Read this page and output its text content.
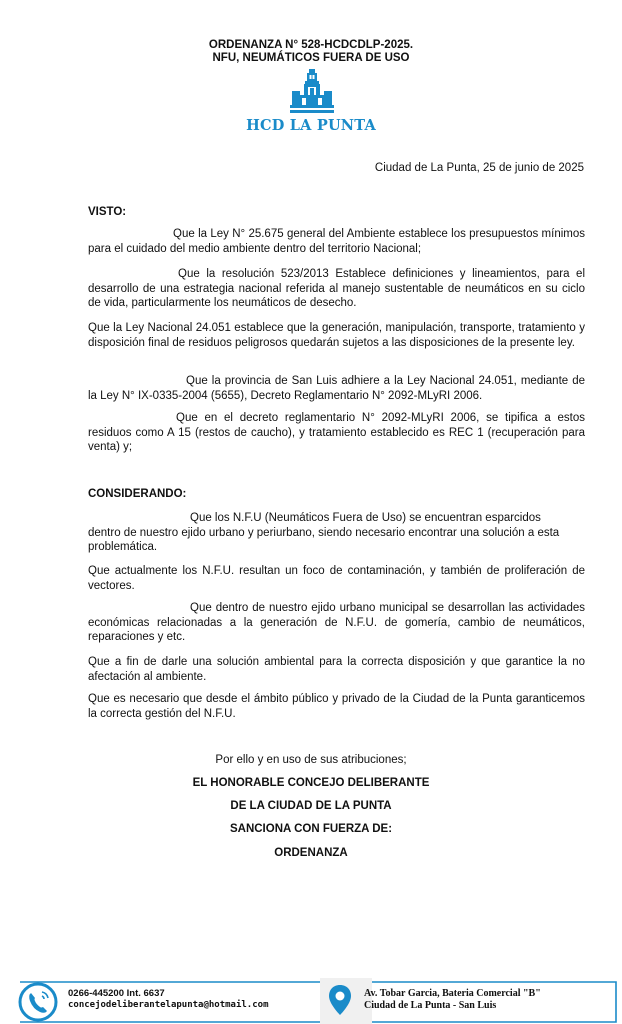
ORDENANZA N° 528-HCDCDLP-2025.
NFU, NEUMÁTICOS FUERA DE USO
HCD LA PUNTA
Ciudad de La Punta, 25 de junio de 2025
VISTO:

Que la Ley N° 25.675 general del Ambiente establece los presupuestos mínimos para el cuidado del medio ambiente dentro del territorio Nacional;

Que la resolución 523/2013 Establece definiciones y lineamientos, para el desarrollo de una estrategia nacional referida al manejo sustentable de neumáticos en su ciclo de vida, particularmente los neumáticos de desecho.

Que la Ley Nacional 24.051 establece que la generación, manipulación, transporte, tratamiento y disposición final de residuos peligrosos quedarán sujetos a las disposiciones de la presente ley.

Que la provincia de San Luis adhiere a la Ley Nacional 24.051, mediante de la Ley N° IX-0335-2004 (5655), Decreto Reglamentario N° 2092-MLyRI 2006.

Que en el decreto reglamentario N° 2092-MLyRI 2006, se tipifica a estos residuos como A 15 (restos de caucho), y tratamiento establecido es REC 1 (recuperación para venta) y;

CONSIDERANDO:

Que los N.F.U (Neumáticos Fuera de Uso) se encuentran esparcidos dentro de nuestro ejido urbano y periurbano, siendo necesario encontrar una solución a esta problemática.

Que actualmente los N.F.U. resultan un foco de contaminación, y también de proliferación de vectores.

Que dentro de nuestro ejido urbano municipal se desarrollan las actividades económicas relacionadas a la generación de N.F.U. de gomería, cambio de neumáticos, reparaciones y etc.

Que a fin de darle una solución ambiental para la correcta disposición y que garantice la no afectación al ambiente.

Que es necesario que desde el ámbito público y privado de la Ciudad de la Punta garanticemos la correcta gestión del N.F.U.

Por ello y en uso de sus atribuciones;
EL HONORABLE CONCEJO DELIBERANTE
DE LA CIUDAD DE LA PUNTA
SANCIONA CON FUERZA DE:
ORDENANZA
0266-445200 Int. 6637
concejodeliberantelapunta@hotmail.com
Av. Tobar Garcia, Bateria Comercial "B"
Ciudad de La Punta - San Luis
